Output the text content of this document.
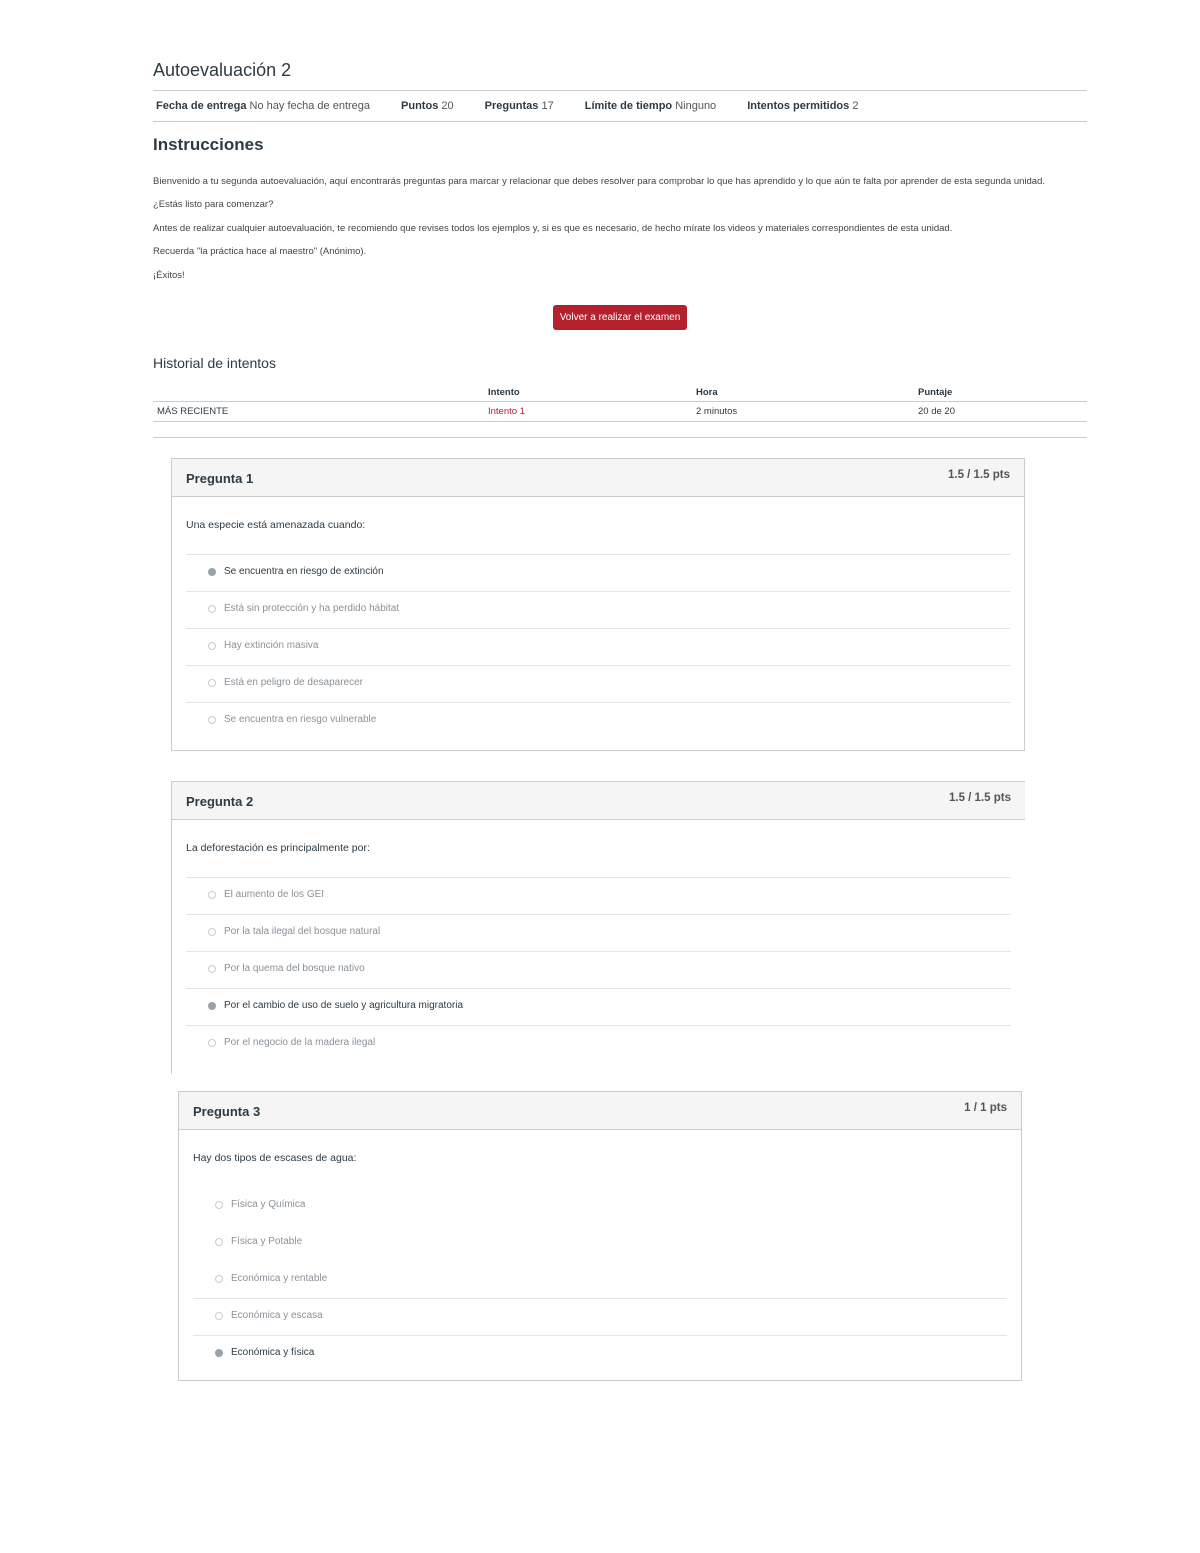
Autoevaluación 2
Fecha de entrega No hay fecha de entrega	Puntos 20	Preguntas 17	Límite de tiempo Ninguno	Intentos permitidos 2
Instrucciones
Bienvenido a tu segunda autoevaluación, aquí encontrarás preguntas para marcar y relacionar que debes resolver para comprobar lo que has aprendido y lo que aún te falta por aprender de esta segunda unidad.
¿Estás listo para comenzar?
Antes de realizar cualquier autoevaluación, te recomiendo que revises todos los ejemplos y, si es que es necesario, de hecho mírate los videos y materiales correspondientes de esta unidad.
Recuerda "la práctica hace al maestro" (Anónimo).
¡Éxitos!
Volver a realizar el examen
Historial de intentos
	Intento	Hora	Puntaje
MÁS RECIENTE	Intento 1	2 minutos	20 de 20
Pregunta 1	1.5 / 1.5 pts
Una especie está amenazada cuando:
Se encuentra en riesgo de extinción
Está sin protección y ha perdido hábitat
Hay extinción masiva
Está en peligro de desaparecer
Se encuentra en riesgo vulnerable
Pregunta 2	1.5 / 1.5 pts
La deforestación es principalmente por:
El aumento de los GEI
Por la tala ilegal del bosque natural
Por la quema del bosque nativo
Por el cambio de uso de suelo y agricultura migratoria
Por el negocio de la madera ilegal
Pregunta 3	1 / 1 pts
Hay dos tipos de escases de agua:
Física y Química
Física y Potable
Económica y rentable
Económica y escasa
Económica y física
